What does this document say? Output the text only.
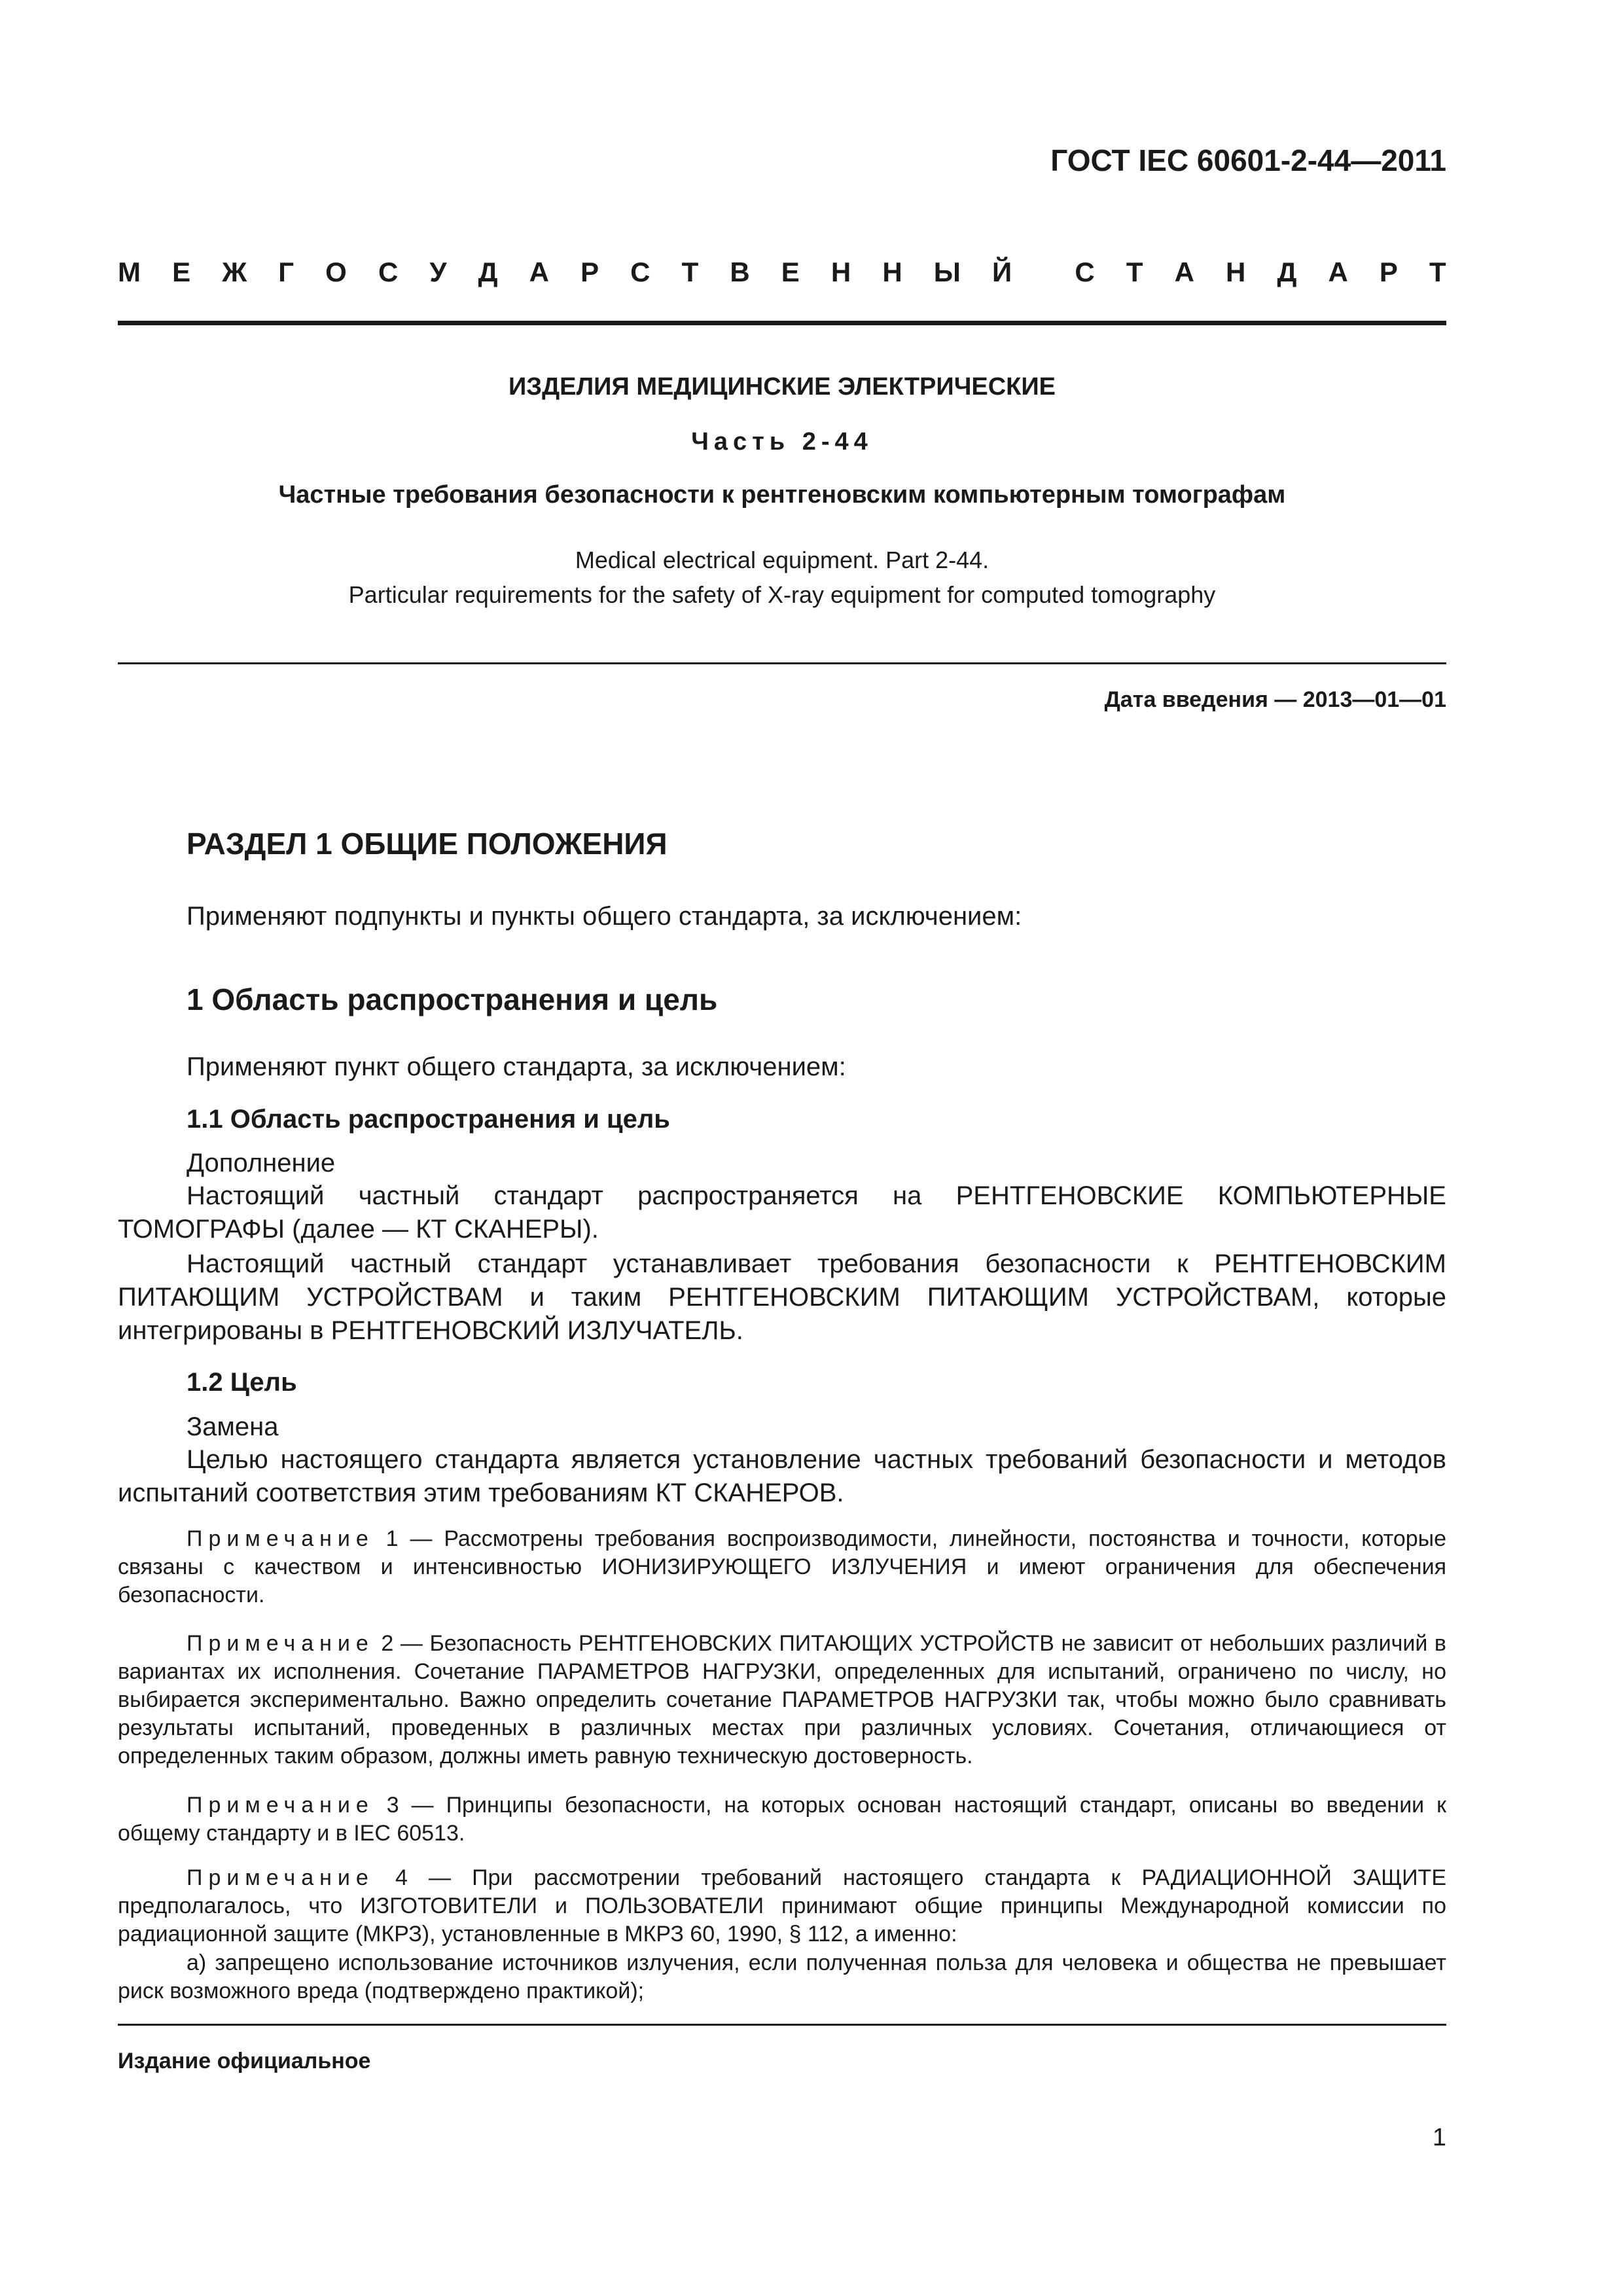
ГОСТ IEC 60601-2-44—2011
М Е Ж Г О С У Д А Р С Т В Е Н Н Ы Й С Т А Н Д А Р Т
ИЗДЕЛИЯ МЕДИЦИНСКИЕ ЭЛЕКТРИЧЕСКИЕ
Часть 2-44
Частные требования безопасности к рентгеновским компьютерным томографам
Medical electrical equipment. Part 2-44.
Particular requirements for the safety of X-ray equipment for computed tomography
Дата введения — 2013—01—01
РАЗДЕЛ 1 ОБЩИЕ ПОЛОЖЕНИЯ
Применяют подпункты и пункты общего стандарта, за исключением:
1 Область распространения и цель
Применяют пункт общего стандарта, за исключением:
1.1 Область распространения и цель
Дополнение
Настоящий частный стандарт распространяется на РЕНТГЕНОВСКИЕ КОМПЬЮТЕРНЫЕ ТОМОГРАФЫ (далее — КТ СКАНЕРЫ).
Настоящий частный стандарт устанавливает требования безопасности к РЕНТГЕНОВСКИМ ПИТАЮЩИМ УСТРОЙСТВАМ и таким РЕНТГЕНОВСКИМ ПИТАЮЩИМ УСТРОЙСТВАМ, которые интегрированы в РЕНТГЕНОВСКИЙ ИЗЛУЧАТЕЛЬ.
1.2 Цель
Замена
Целью настоящего стандарта является установление частных требований безопасности и методов испытаний соответствия этим требованиям КТ СКАНЕРОВ.
Примечание 1 — Рассмотрены требования воспроизводимости, линейности, постоянства и точности, которые связаны с качеством и интенсивностью ИОНИЗИРУЮЩЕГО ИЗЛУЧЕНИЯ и имеют ограничения для обеспечения безопасности.
Примечание 2 — Безопасность РЕНТГЕНОВСКИХ ПИТАЮЩИХ УСТРОЙСТВ не зависит от небольших различий в вариантах их исполнения. Сочетание ПАРАМЕТРОВ НАГРУЗКИ, определенных для испытаний, ограничено по числу, но выбирается экспериментально. Важно определить сочетание ПАРАМЕТРОВ НАГРУЗКИ так, чтобы можно было сравнивать результаты испытаний, проведенных в различных местах при различных условиях. Сочетания, отличающиеся от определенных таким образом, должны иметь равную техническую достоверность.
Примечание 3 — Принципы безопасности, на которых основан настоящий стандарт, описаны во введении к общему стандарту и в IEC 60513.
Примечание 4 — При рассмотрении требований настоящего стандарта к РАДИАЦИОННОЙ ЗАЩИТЕ предполагалось, что ИЗГОТОВИТЕЛИ и ПОЛЬЗОВАТЕЛИ принимают общие принципы Международной комиссии по радиационной защите (МКРЗ), установленные в МКРЗ 60, 1990, § 112, а именно:
а) запрещено использование источников излучения, если полученная польза для человека и общества не превышает риск возможного вреда (подтверждено практикой);
Издание официальное
1
